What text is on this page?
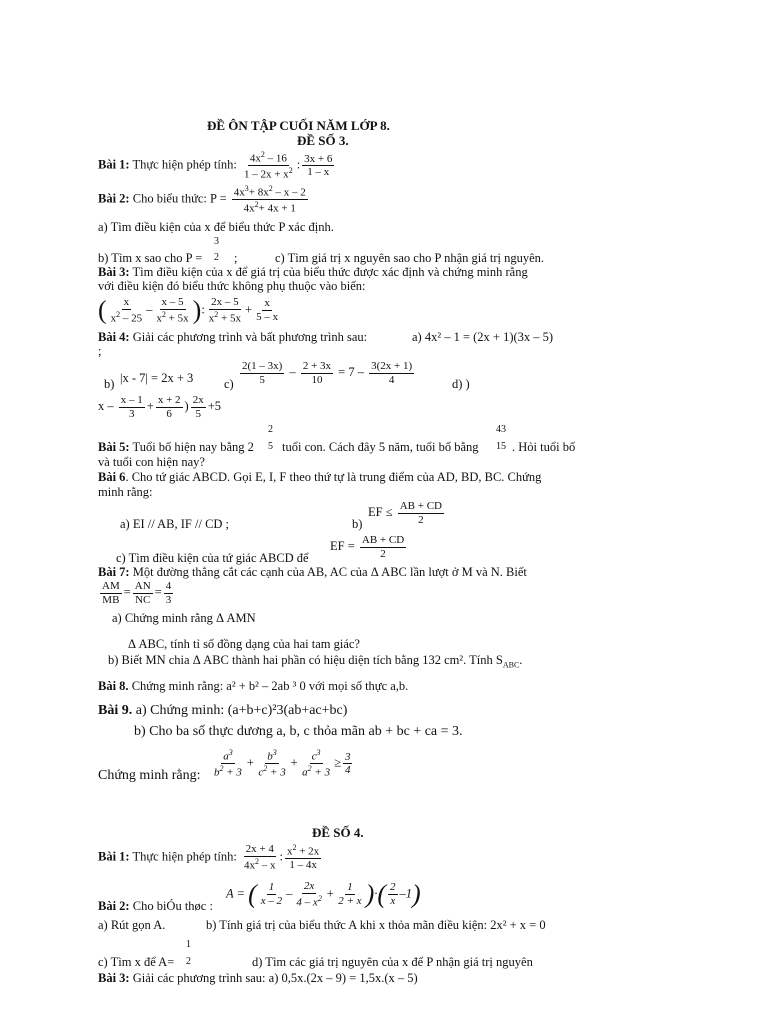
ĐỀ ÔN TẬP CUỐI NĂM LỚP 8.
ĐỀ SỐ 3.
Bài 1: Thực hiện phép tính: $\frac{4x^2 - 16}{1 - 2x + x^2}$ : $\frac{3x + 6}{1 - x}$
Bài 2: Cho biểu thức: $P = \frac{4x^3+ 8x^2 - x - 2}{4x^2+ 4x + 1}$
a) Tìm điều kiện của x để biểu thức P xác định.
3
b) Tìm x sao cho P = 2 ;	c) Tìm giá trị x nguyên sao cho P nhận giá trị nguyên.
Bài 3: Tìm điều kiện của x để giá trị của biểu thức được xác định và chứng minh rằng
với điều kiện đó biểu thức không phụ thuộc vào biến:
( $\frac{x}{x^2 - 25} - \frac{x - 5}{x^2 + 5x}$ ): $\frac{2x - 5}{x^2 + 5x} + \frac{x}{5 - x}$
Bài 4: Giải các phương trình và bất phương trình sau:	a) 4x² – 1 = (2x + 1)(3x – 5)
;
b) |x - 7| = 2x + 3 $c) \frac{2(1 - 3x)}{5} - \frac{2 + 3x}{10} = 7 - \frac{3(2x + 1)}{4}$	d) )
$x - \frac{x - 1}{3} + \frac{x + 2}{6}$ ) $\frac{2x}{5} +5$
2	43
Bài 5: Tuổi bố hiện nay bằng 2 5 tuổi con. Cách đây 5 năm, tuổi bố bằng 15 . Hỏi tuổi bố
và tuổi con hiện nay?
Bài 6. Cho tứ giác ABCD. Gọi E, I, F theo thứ tự là trung điểm của AD, BD, BC. Chứng
minh rằng:
a) EI // AB, IF // CD ;	b)
EF ≤ $\frac{AB + CD}{2}$
c) Tìm điều kiện của tứ giác ABCD để
EF = $\frac{AB + CD}{2}$
Bài 7: Một đường thẳng cắt các cạnh của AB, AC của Δ ABC lần lượt ở M và N. Biết
$\frac{AM}{MB} = \frac{AN}{NC} = \frac{4}{3}$
a) Chứng minh rằng Δ AMN
Δ ABC, tính tỉ số đồng dạng của hai tam giác?
b) Biết MN chia Δ ABC thành hai phần có hiệu diện tích bằng 132 cm². Tính $S_{ABC}$.
Bài 8. Chứng minh rằng: a² + b² – 2ab ³ 0 với mọi số thực a,b.
Bài 9. a) Chứng minh: (a+b+c)²3(ab+ac+bc)
b) Cho ba số thực dương a, b, c thỏa mãn ab + bc + ca = 3.
Chứng minh rằng: $\frac{a^3}{b^2 + 3} + \frac{b^3}{c^2 + 3} + \frac{c^3}{a^2 + 3} \ge \frac{3}{4}$
ĐỀ SỐ 4.
Bài 1: Thực hiện phép tính: $\frac{2x + 4}{4x^2 - x}$ : $\frac{x^2 + 2x}{1 - 4x}$
Bài 2: Cho biÓu thøc :
A = ( $\frac{1}{x - 2} - \frac{2x}{4 - x^2} + \frac{1}{2 + x}$ )·( $\frac{2}{x} -1$)
a) Rút gọn A.	b) Tính giá trị của biểu thức A khi x thỏa mãn điều kiện: 2x² + x = 0
1
c) Tìm x để A= 2	d) Tìm các giá trị nguyên của x để P nhận giá trị nguyên
Bài 3: Giải các phương trình sau: a) 0,5x.(2x – 9) = 1,5x.(x – 5)
